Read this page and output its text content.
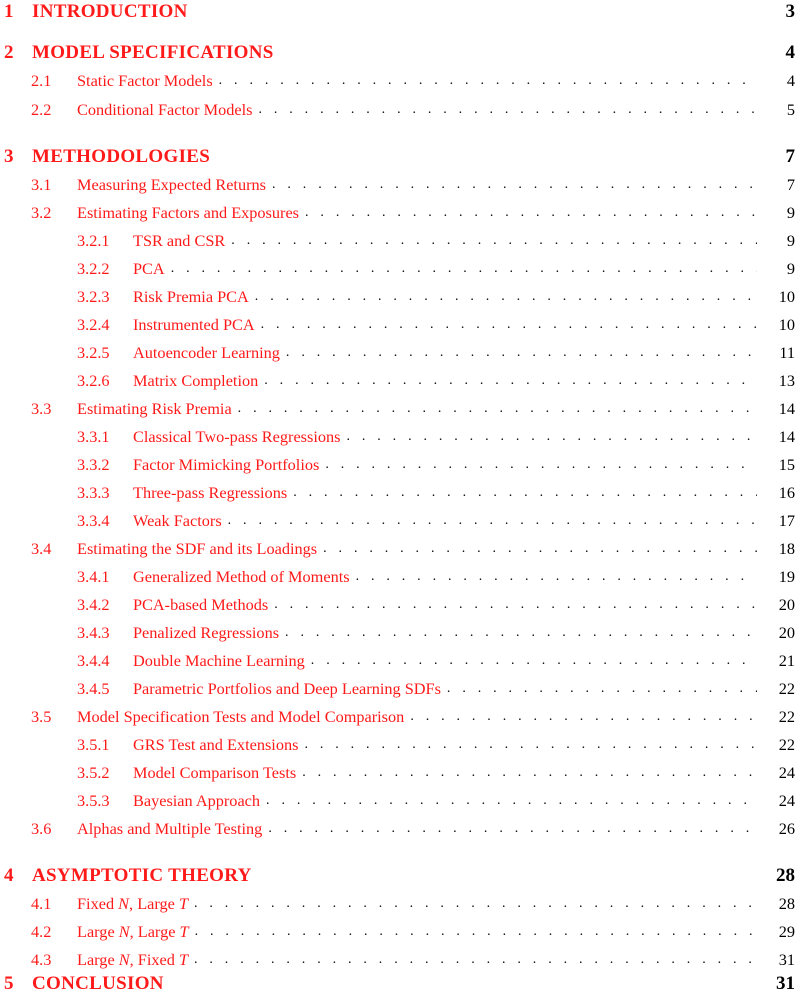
1 INTRODUCTION	3
2 MODEL SPECIFICATIONS	4
2.1	Static Factor Models . . .	4
2.2	Conditional Factor Models . . .	5
3 METHODOLOGIES	7
3.1	Measuring Expected Returns . . .	7
3.2	Estimating Factors and Exposures . . .	9
3.2.1	TSR and CSR . . .	9
3.2.2	PCA . . .	9
3.2.3	Risk Premia PCA . . .	10
3.2.4	Instrumented PCA . . .	10
3.2.5	Autoencoder Learning . . .	11
3.2.6	Matrix Completion . . .	13
3.3	Estimating Risk Premia . . .	14
3.3.1	Classical Two-pass Regressions . . .	14
3.3.2	Factor Mimicking Portfolios . . .	15
3.3.3	Three-pass Regressions . . .	16
3.3.4	Weak Factors . . .	17
3.4	Estimating the SDF and its Loadings . . .	18
3.4.1	Generalized Method of Moments . . .	19
3.4.2	PCA-based Methods . . .	20
3.4.3	Penalized Regressions . . .	20
3.4.4	Double Machine Learning . . .	21
3.4.5	Parametric Portfolios and Deep Learning SDFs . . .	22
3.5	Model Specification Tests and Model Comparison . . .	22
3.5.1	GRS Test and Extensions . . .	22
3.5.2	Model Comparison Tests . . .	24
3.5.3	Bayesian Approach . . .	24
3.6	Alphas and Multiple Testing . . .	26
4 ASYMPTOTIC THEORY	28
4.1	Fixed N, Large T . . .	28
4.2	Large N, Large T . . .	29
4.3	Large N, Fixed T . . .	31
5 CONCLUSION	31
